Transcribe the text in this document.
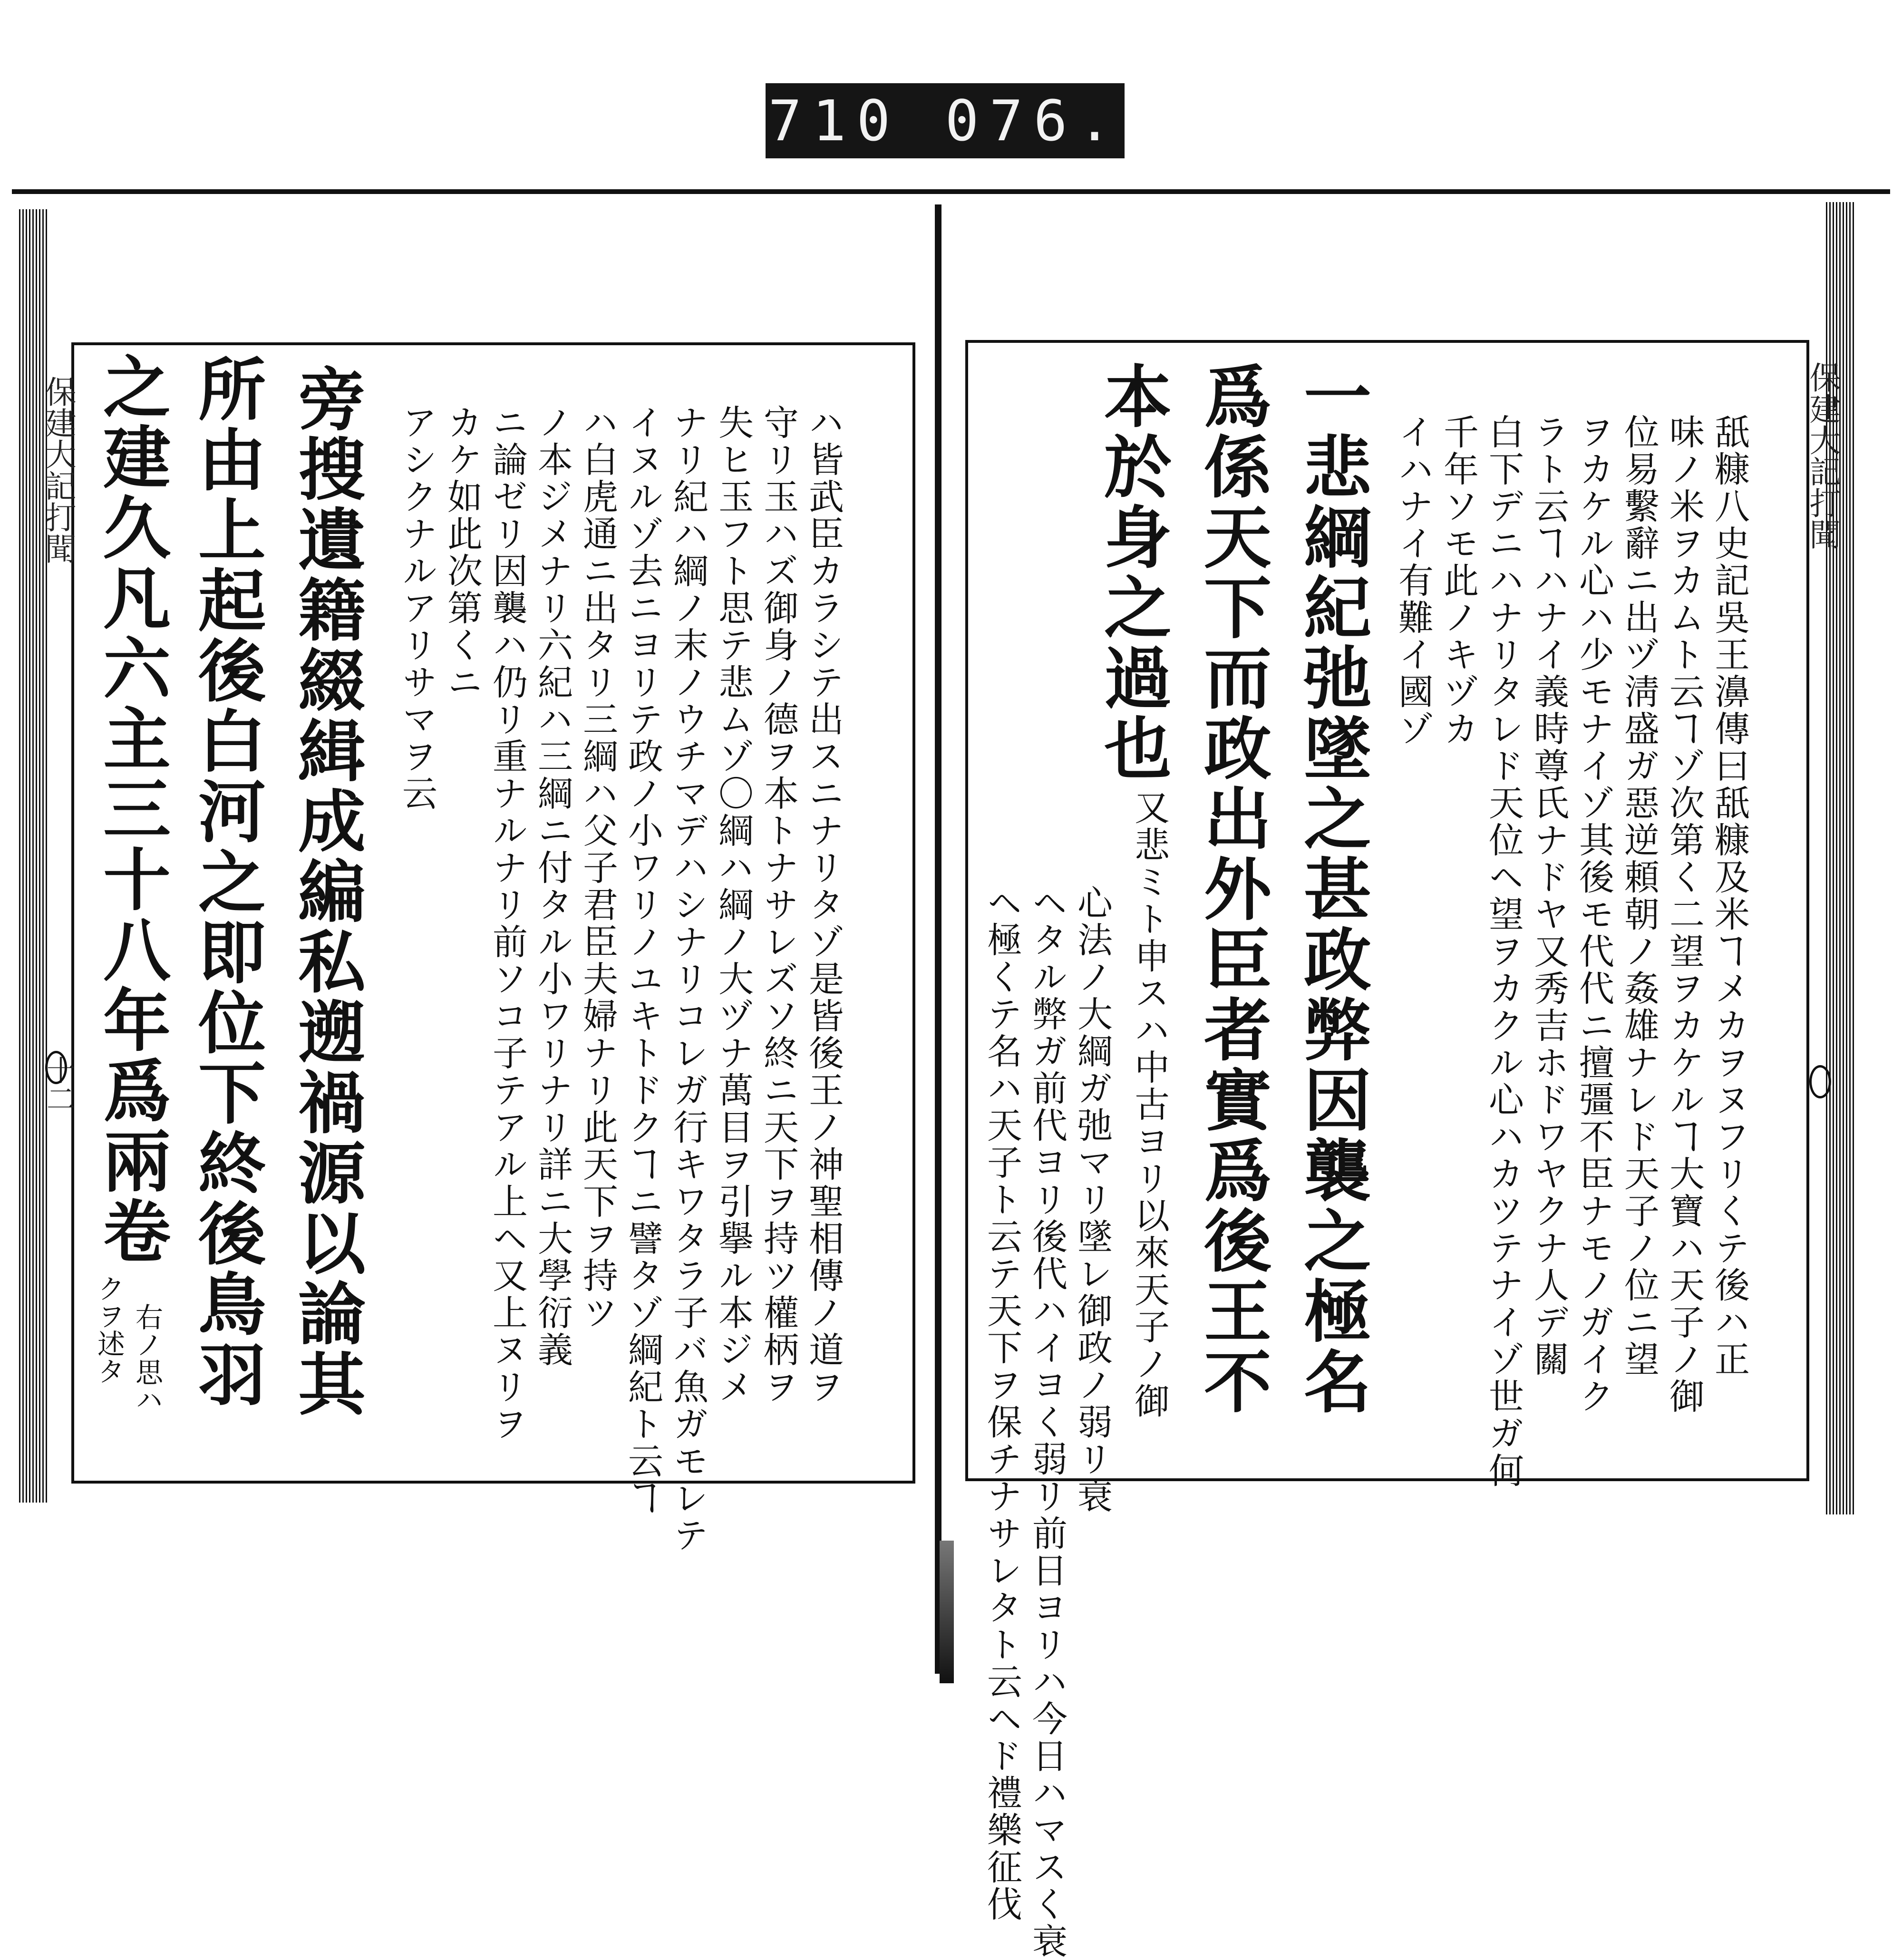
710 076.
保建大記打聞
十二 之建久凡六主三十八年爲兩卷
クヲ述タ 右ノ思ハ 所由上起後白河之即位下終後鳥羽 旁搜遺籍綴緝成編私遡禍源以論其 アシクナルアリサマヲ云 カケ如此次第くニ ニ論ゼリ因襲ハ仍リ重ナルナリ前ソコ子テアル上ヘ又上ヌリヲ ノ本ジメナリ六紀ハ三綱ニ付タル小ワリナリ詳ニ大學衍義 ハ白虎通ニ出タリ三綱ハ父子君臣夫婦ナリ此天下ヲ持ツ イヌルゾ去ニヨリテ政ノ小ワリノユキトドクヿニ譬タゾ綱紀ト云ヿ ナリ紀ハ綱ノ末ノウチマデハシナリコレガ行キワタラ子バ魚ガモレテ 失ヒ玉フト思テ悲ムゾ〇綱ハ綱ノ大ヅナ萬目ヲ引擧ル本ジメ 守リ玉ハズ御身ノ德ヲ本トナサレズソ終ニ天下ヲ持ツ權柄ヲ ハ皆武臣カラシテ出スニナリタゾ是皆後王ノ神聖相傳ノ道ヲ	保建大記打聞
ヘ極くテ名ハ天子ト云テ天下ヲ保チナサレタト云ヘド禮樂征伐 ヘタル弊ガ前代ヨリ後代ハイヨく弱リ前日ヨリハ今日ハマスく衰 心法ノ大綱ガ弛マリ墜レ御政ノ弱リ衰 又悲ミト申スハ中古ヨリ以來天子ノ御
本於身之過也 爲係天下而政出外臣者實爲後王不 一悲綱紀弛墜之甚政弊因襲之極名 イハナイ有難イ國ゾ 千年ソモ此ノキヅカ 白下デニハナリタレド天位ヘ望ヲカクル心ハカツテナイゾ世ガ何 ラト云ヿハナイ義時尊氏ナドヤ又秀吉ホドワヤクナ人デ關 ヲカケル心ハ少モナイゾ其後モ代代ニ擅彊不臣ナモノガイク 位易繫辭ニ出ヅ淸盛ガ惡逆頼朝ノ姦雄ナレド天子ノ位ニ望 味ノ米ヲカムト云ヿゾ次第く二望ヲカケルヿ大寶ハ天子ノ御 舐糠八史記吳王濞傳曰舐糠及米ヿメカヲヌフリくテ後ハ正
